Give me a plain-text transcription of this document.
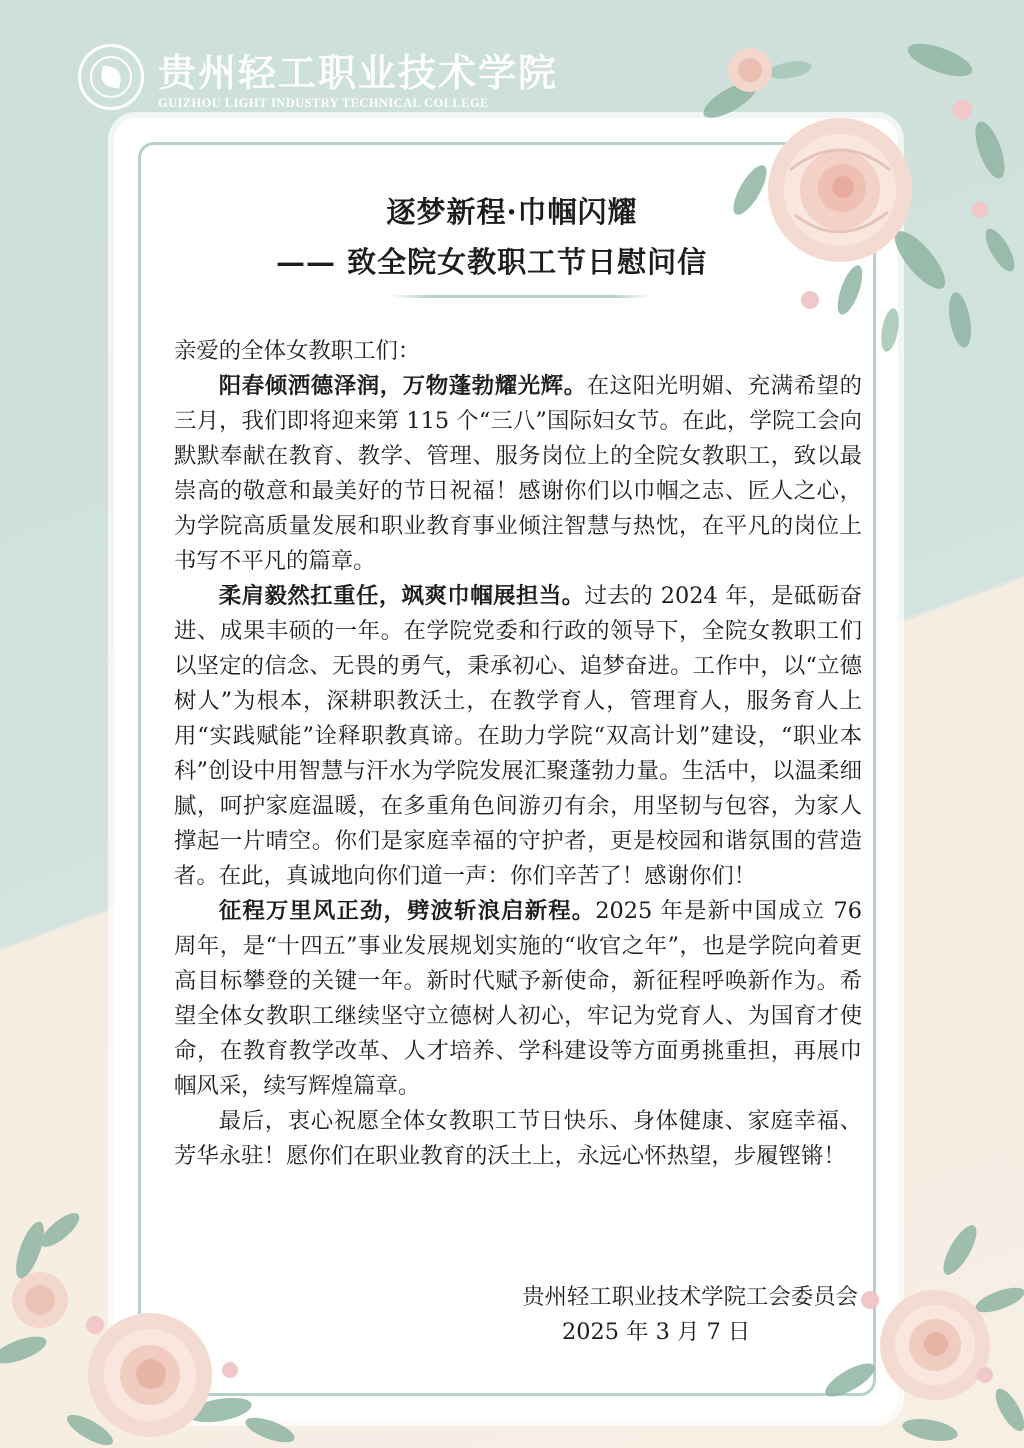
贵州轻工职业技术学院
GUIZHOU LIGHT INDUSTRY TECHNICAL COLLEGE
逐梦新程·巾帼闪耀
—— 致全院女教职工节日慰问信

亲爱的全体女教职工们：

阳春倾洒德泽润，万物蓬勃耀光辉。在这阳光明媚、充满希望的三月，我们即将迎来第 115 个“三八”国际妇女节。在此，学院工会向默默奉献在教育、教学、管理、服务岗位上的全院女教职工，致以最崇高的敬意和最美好的节日祝福！感谢你们以巾帼之志、匠人之心，为学院高质量发展和职业教育事业倾注智慧与热忱，在平凡的岗位上书写不平凡的篇章。

柔肩毅然扛重任，飒爽巾帼展担当。过去的 2024 年，是砥砺奋进、成果丰硕的一年。在学院党委和行政的领导下，全院女教职工们以坚定的信念、无畏的勇气，秉承初心、追梦奋进。工作中，以“立德树人”为根本，深耕职教沃土，在教学育人，管理育人，服务育人上用“实践赋能”诠释职教真谛。在助力学院“双高计划”建设，“职业本科”创设中用智慧与汗水为学院发展汇聚蓬勃力量。生活中，以温柔细腻，呵护家庭温暖，在多重角色间游刃有余，用坚韧与包容，为家人撑起一片晴空。你们是家庭幸福的守护者，更是校园和谐氛围的营造者。在此，真诚地向你们道一声：你们辛苦了！感谢你们！

征程万里风正劲，劈波斩浪启新程。2025 年是新中国成立 76 周年，是“十四五”事业发展规划实施的“收官之年”，也是学院向着更高目标攀登的关键一年。新时代赋予新使命，新征程呼唤新作为。希望全体女教职工继续坚守立德树人初心，牢记为党育人、为国育才使命，在教育教学改革、人才培养、学科建设等方面勇挑重担，再展巾帼风采，续写辉煌篇章。

最后，衷心祝愿全体女教职工节日快乐、身体健康、家庭幸福、芳华永驻！愿你们在职业教育的沃土上，永远心怀热望，步履铿锵！

贵州轻工职业技术学院工会委员会
2025 年 3 月 7 日
